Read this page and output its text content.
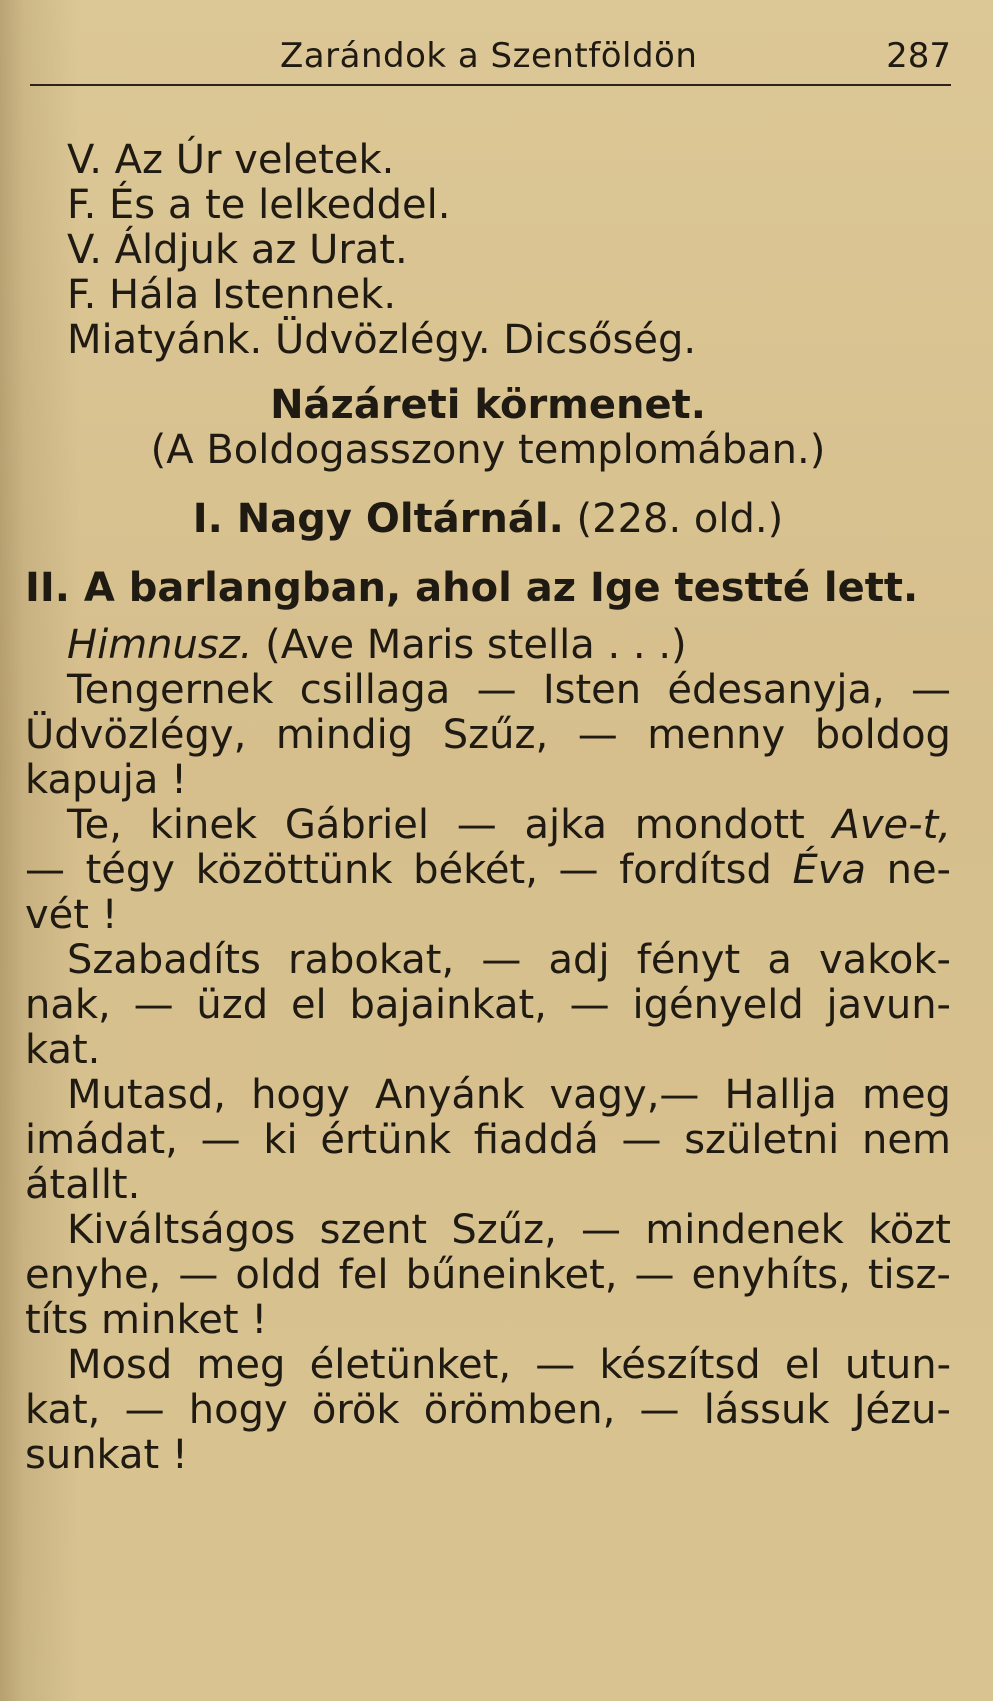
Zarándok a Szentföldön	287
V. Az Úr veletek.
F. És a te lelkeddel.
V. Áldjuk az Urat.
F. Hála Istennek.
Miatyánk. Üdvözlégy. Dicsőség.
Názáreti körmenet.
(A Boldogasszony templomában.)
I. Nagy Oltárnál. (228. old.)
II. A barlangban, ahol az Ige testté lett.
Himnusz. (Ave Maris stella . . .)
Tengernek csillaga — Isten édesanyja, —
Üdvözlégy, mindig Szűz, — menny boldog
kapuja !
Te, kinek Gábriel — ajka mondott Ave-t,
— tégy közöttünk békét, — fordítsd Éva ne-
vét !
Szabadíts rabokat, — adj fényt a vakok-
nak, — üzd el bajainkat, — igényeld javun-
kat.
Mutasd, hogy Anyánk vagy,— Hallja meg
imádat, — ki értünk fiaddá — születni nem
átallt.
Kiváltságos szent Szűz, — mindenek közt
enyhe, — oldd fel bűneinket, — enyhíts, tisz-
títs minket !
Mosd meg életünket, — készítsd el utun-
kat, — hogy örök örömben, — lássuk Jézu-
sunkat !
